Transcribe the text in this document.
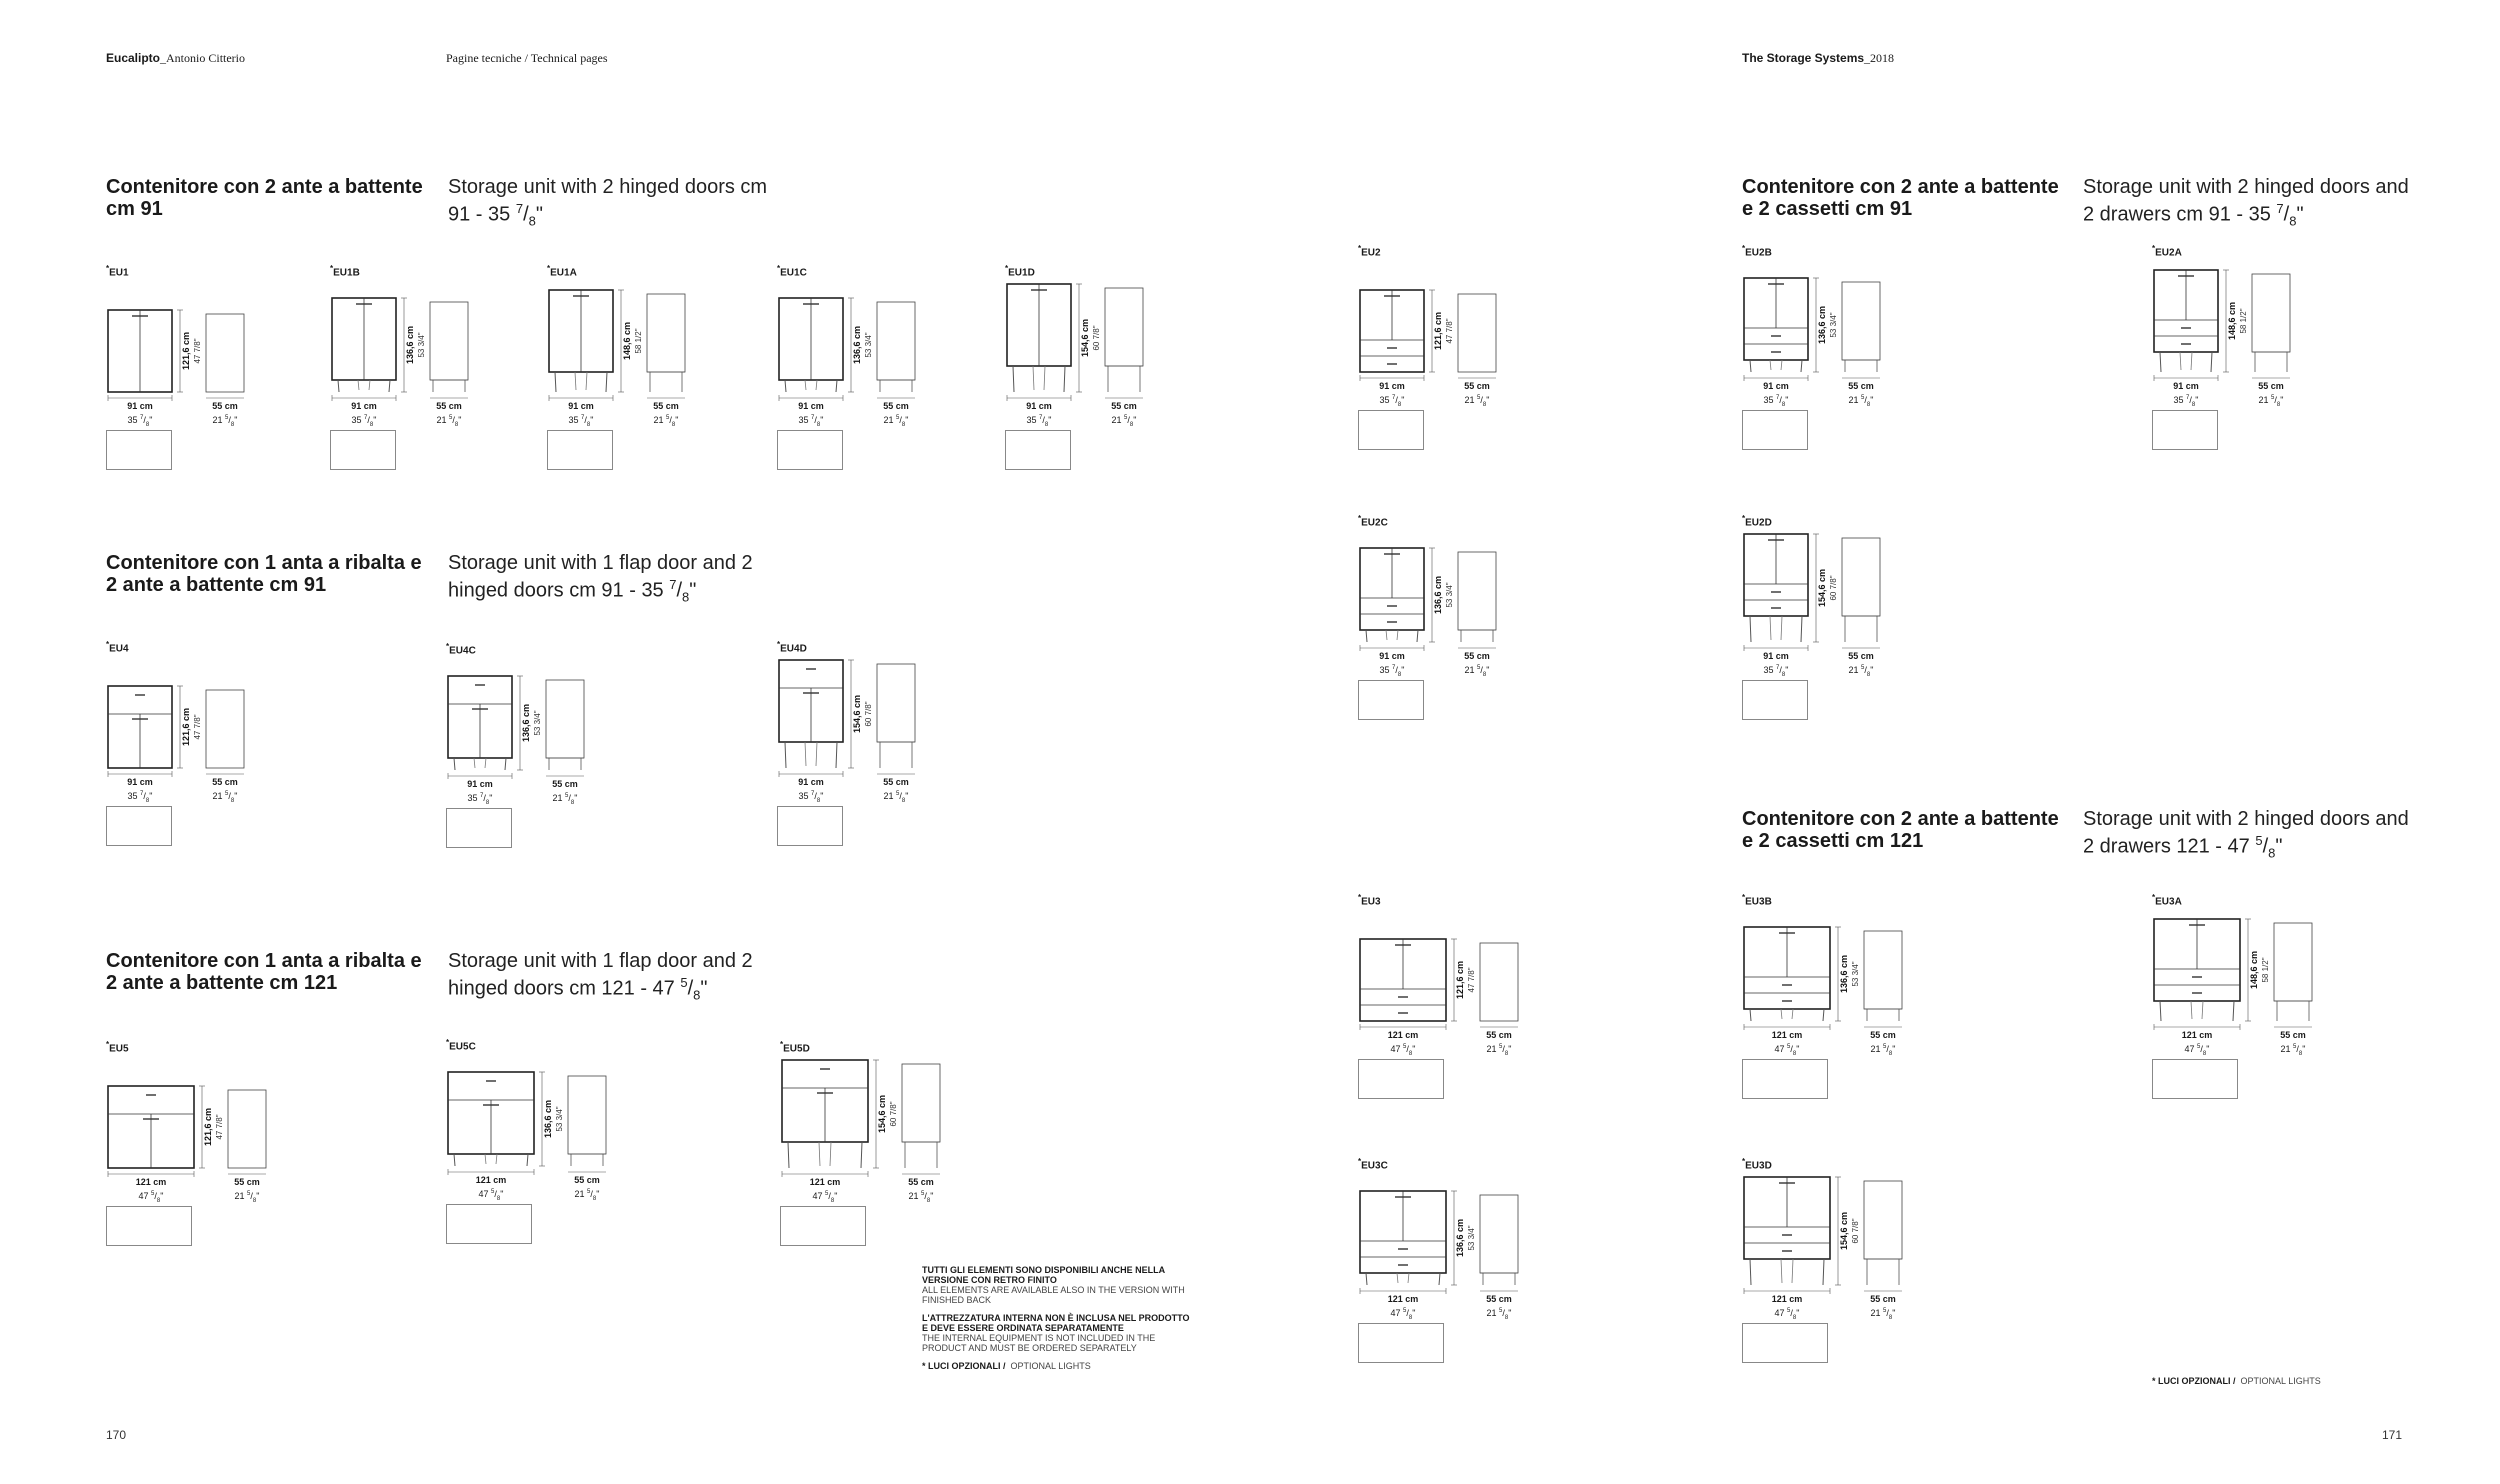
Eucalipto_Antonio Citterio	Pagine tecniche / Technical pages	The Storage Systems_2018
Contenitore con 2 ante a battente cm 91
Storage unit with 2 hinged doors cm 91 - 35 $^7/_8$"
Contenitore con 1 anta a ribalta e 2 ante a battente cm 91
Storage unit with 1 flap door and 2 hinged doors cm 91 - 35 $^7/_8$"
Contenitore con 1 anta a ribalta e 2 ante a battente cm 121
Storage unit with 1 flap door and 2 hinged doors cm 121 - 47 $^5/_8$"
Contenitore con 2 ante a battente e 2 cassetti cm 91
Storage unit with 2 hinged doors and 2 drawers cm 91 - 35 $^7/_8$"
Contenitore con 2 ante a battente e 2 cassetti cm 121
Storage unit with 2 hinged doors and 2 drawers 121 - 47 $^5/_8$"
*EU1
121,6 cm 47 7/8"
91 cm
35 $^7/_8$"
55 cm
21 $^5/_8$"
*EU1B
136,6 cm 53 3/4"
91 cm
35 $^7/_8$"
55 cm
21 $^5/_8$"
*EU1A
148,6 cm 58 1/2"
91 cm
35 $^7/_8$"
55 cm
21 $^5/_8$"
*EU1C
136,6 cm 53 3/4"
91 cm
35 $^7/_8$"
55 cm
21 $^5/_8$"
*EU1D
154,6 cm 60 7/8"
91 cm
35 $^7/_8$"
55 cm
21 $^5/_8$"
*EU4
121,6 cm 47 7/8"
91 cm
35 $^7/_8$"
55 cm
21 $^5/_8$"
*EU4C
136,6 cm 53 3/4"
91 cm
35 $^7/_8$"
55 cm
21 $^5/_8$"
*EU4D
154,6 cm 60 7/8"
91 cm
35 $^7/_8$"
55 cm
21 $^5/_8$"
*EU5
121,6 cm 47 7/8"
121 cm
47 $^5/_8$"
55 cm
21 $^5/_8$"
*EU5C
136,6 cm 53 3/4"
121 cm
47 $^5/_8$"
55 cm
21 $^5/_8$"
*EU5D
154,6 cm 60 7/8"
121 cm
47 $^5/_8$"
55 cm
21 $^5/_8$"
*EU2
121,6 cm 47 7/8"
91 cm
35 $^7/_8$"
55 cm
21 $^5/_8$"
*EU2C
136,6 cm 53 3/4"
91 cm
35 $^7/_8$"
55 cm
21 $^5/_8$"
*EU3
121,6 cm 47 7/8"
121 cm
47 $^5/_8$"
55 cm
21 $^5/_8$"
*EU3C
136,6 cm 53 3/4"
121 cm
47 $^5/_8$"
55 cm
21 $^5/_8$"
*EU2B
136,6 cm 53 3/4"
91 cm
35 $^7/_8$"
55 cm
21 $^5/_8$"
*EU2A
148,6 cm 58 1/2"
91 cm
35 $^7/_8$"
55 cm
21 $^5/_8$"
*EU2D
154,6 cm 60 7/8"
91 cm
35 $^7/_8$"
55 cm
21 $^5/_8$"
*EU3B
136,6 cm 53 3/4"
121 cm
47 $^5/_8$"
55 cm
21 $^5/_8$"
*EU3A
148,6 cm 58 1/2"
121 cm
47 $^5/_8$"
55 cm
21 $^5/_8$"
*EU3D
154,6 cm 60 7/8"
121 cm
47 $^5/_8$"
55 cm
21 $^5/_8$"
TUTTI GLI ELEMENTI SONO DISPONIBILI ANCHE NELLA VERSIONE CON RETRO FINITO
ALL ELEMENTS ARE AVAILABLE ALSO IN THE VERSION WITH FINISHED BACK
L'ATTREZZATURA INTERNA NON È INCLUSA NEL PRODOTTO E DEVE ESSERE ORDINATA SEPARATAMENTE
THE INTERNAL EQUIPMENT IS NOT INCLUDED IN THE PRODUCT AND MUST BE ORDERED SEPARATELY
* LUCI OPZIONALI / OPTIONAL LIGHTS
* LUCI OPZIONALI / OPTIONAL LIGHTS
170	171
